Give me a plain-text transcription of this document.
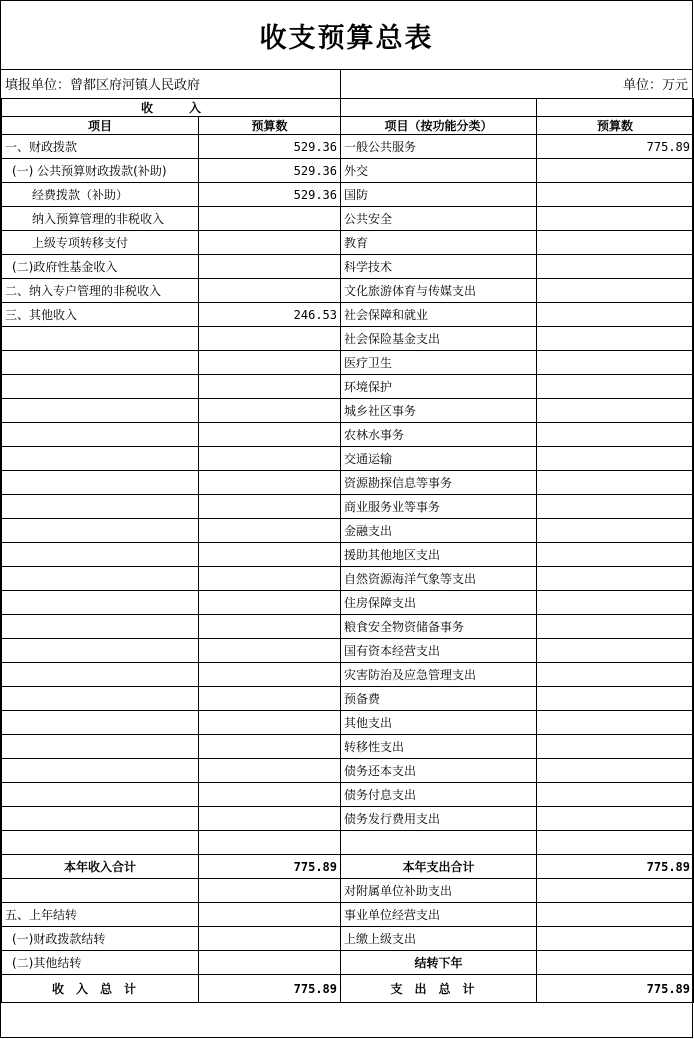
收支预算总表
填报单位：曾都区府河镇人民政府	单位：万元
收　　　入			
项目	预算数	项目（按功能分类）	预算数
一、财政拨款	529.36	一般公共服务	775.89
(一) 公共预算财政拨款(补助)	529.36	外交	
经费拨款（补助）	529.36	国防	
纳入预算管理的非税收入		公共安全	
上级专项转移支付		教育	
(二)政府性基金收入		科学技术	
二、纳入专户管理的非税收入		文化旅游体育与传媒支出	
三、其他收入	246.53	社会保障和就业	
		社会保险基金支出	
		医疗卫生	
		环境保护	
		城乡社区事务	
		农林水事务	
		交通运输	
		资源勘探信息等事务	
		商业服务业等事务	
		金融支出	
		援助其他地区支出	
		自然资源海洋气象等支出	
		住房保障支出	
		粮食安全物资储备事务	
		国有资本经营支出	
		灾害防治及应急管理支出	
		预备费	
		其他支出	
		转移性支出	
		债务还本支出	
		债务付息支出	
		债务发行费用支出	

本年收入合计	775.89	本年支出合计	775.89
		对附属单位补助支出	
五、上年结转		事业单位经营支出	
(一)财政拨款结转		上缴上级支出	
(二)其他结转		结转下年	
收入总计	775.89	支出总计	775.89
